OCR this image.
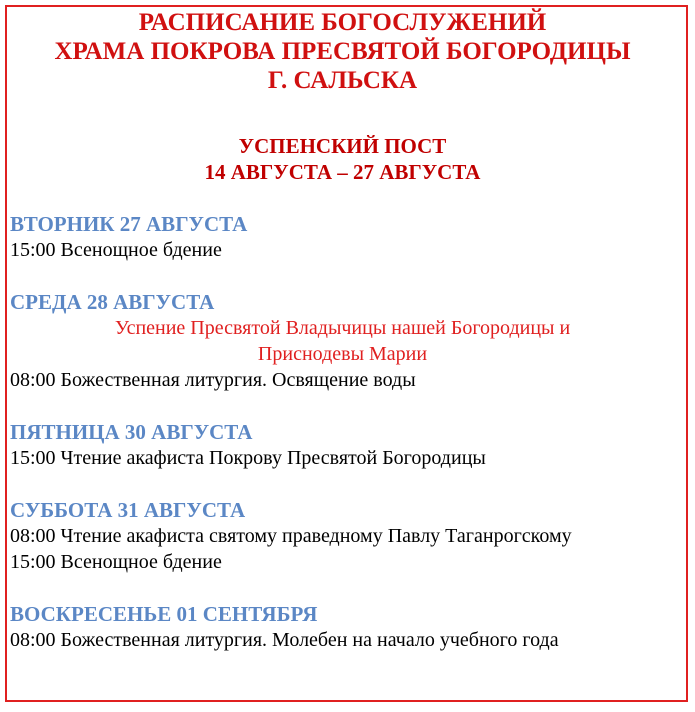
РАСПИСАНИЕ БОГОСЛУЖЕНИЙ

ХРАМА ПОКРОВА ПРЕСВЯТОЙ БОГОРОДИЦЫ

Г. САЛЬСКА

УСПЕНСКИЙ ПОСТ

14 АВГУСТА – 27 АВГУСТА

ВТОРНИК 27 АВГУСТА

15:00 Всенощное бдение

СРЕДА 28 АВГУСТА

Успение Пресвятой Владычицы нашей Богородицы и

Приснодевы Марии

08:00 Божественная литургия. Освящение воды

ПЯТНИЦА 30 АВГУСТА

15:00 Чтение акафиста Покрову Пресвятой Богородицы

СУББОТА 31 АВГУСТА

08:00 Чтение акафиста святому праведному Павлу Таганрогскому

15:00 Всенощное бдение

ВОСКРЕСЕНЬЕ 01 СЕНТЯБРЯ

08:00 Божественная литургия. Молебен на начало учебного года
